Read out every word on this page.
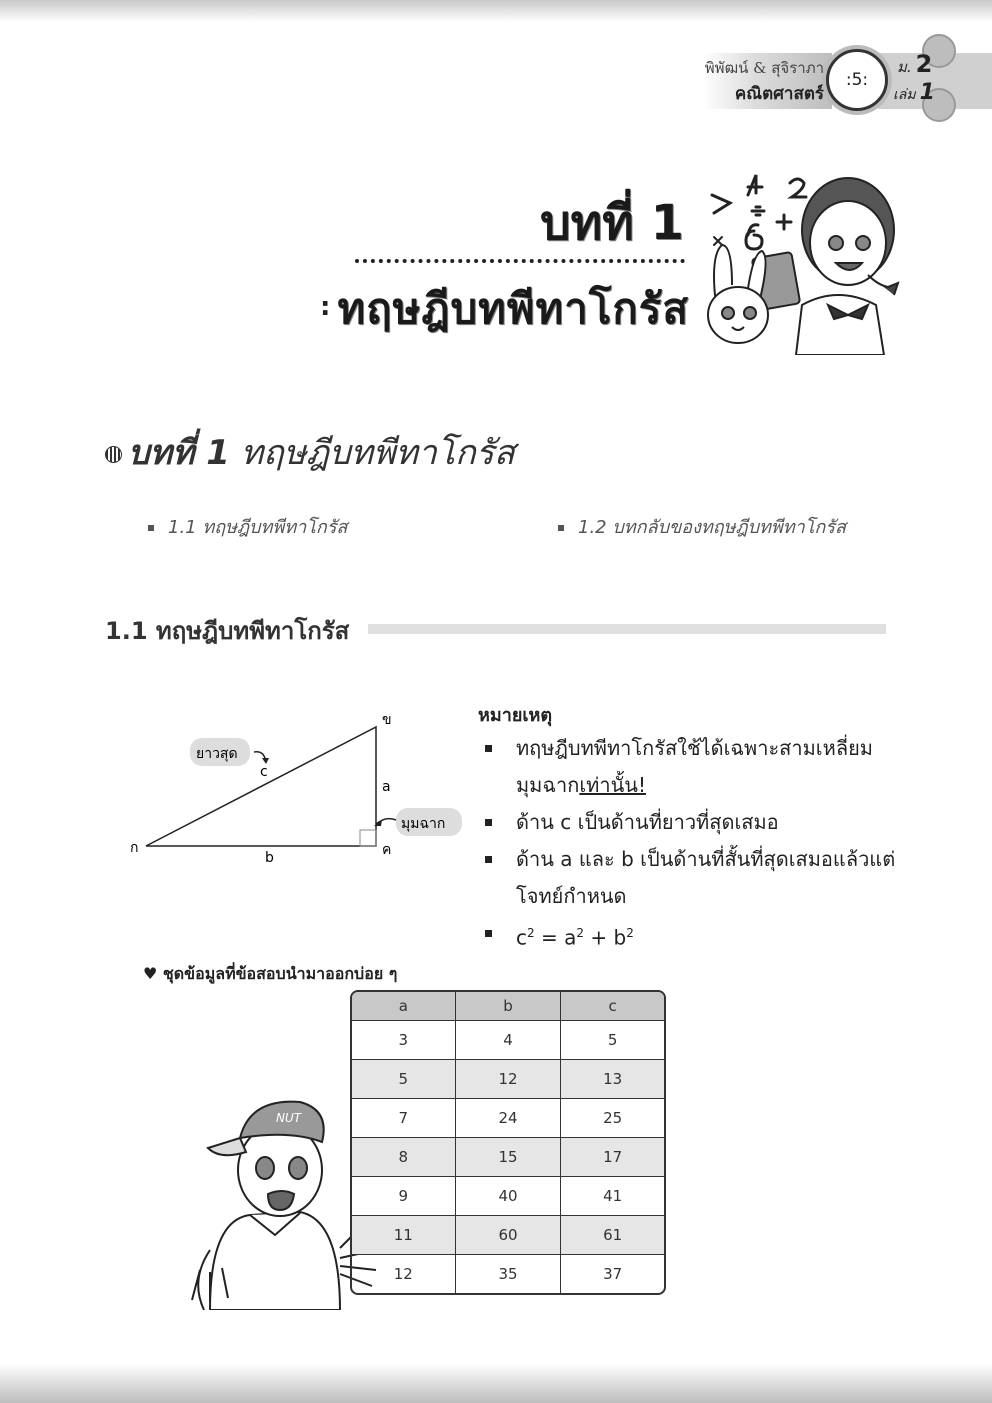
พิพัฒน์ & สุจิราภา
คณิตศาสตร์
:5:
ม. 2
เล่ม 1
บทที่ 1
: ทฤษฎีบทพีทาโกรัส
บทที่ 1 ทฤษฎีบทพีทาโกรัส
1.1 ทฤษฎีบทพีทาโกรัส	1.2 บทกลับของทฤษฎีบทพีทาโกรัส
1.1 ทฤษฎีบทพีทาโกรัส
ก
ข
ค
a
b
c
ยาวสุด
มุมฉาก
หมายเหตุ
ทฤษฎีบทพีทาโกรัสใช้ได้เฉพาะสามเหลี่ยมมุมฉากเท่านั้น!
ด้าน c เป็นด้านที่ยาวที่สุดเสมอ
ด้าน a และ b เป็นด้านที่สั้นที่สุดเสมอแล้วแต่โจทย์กำหนด
$c^2 = a^2 + b^2$
♥ ชุดข้อมูลที่ข้อสอบนำมาออกบ่อย ๆ
NUT
a	b	c
3	4	5
5	12	13
7	24	25
8	15	17
9	40	41
11	60	61
12	35	37
